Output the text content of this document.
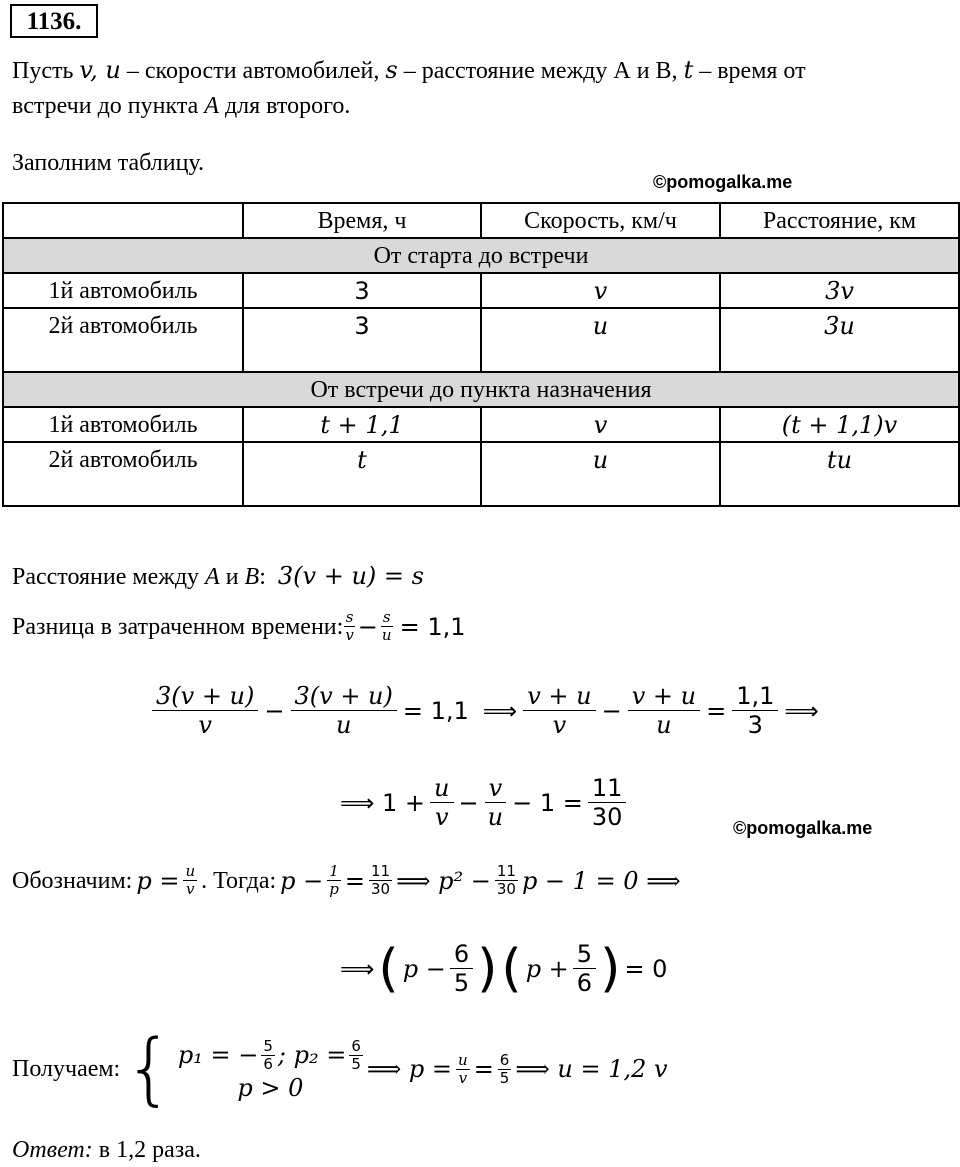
1136.
Пусть v, u – скорости автомобилей, s – расстояние между А и В, t – время от
встречи до пункта A для второго.
Заполним таблицу.
©pomogalka.me
	Время, ч	Скорость, км/ч	Расстояние, км
От старта до встречи			
1й автомобиль	3	v	3v
2й автомобиль	3	u	3u
От встречи до пункта назначения			
1й автомобиль	t + 1,1	v	(t + 1,1)v
2й автомобиль	t	u	tu
Расстояние между A и B: 3(v + u) = s
Разница в затраченном времени: $\frac{s}{v} - \frac{s}{u} = 1,1$
$\frac{3(v + u)}{v} - \frac{3(v + u)}{u} = 1,1$ ⟹ $\frac{v + u}{v} - \frac{v + u}{u} = \frac{1,1}{3}$ ⟹
⟹ $1 + \frac{u}{v} - \frac{v}{u} - 1 = \frac{11}{30}$	©pomogalka.me
Обозначим: $p = \frac{u}{v}$ . Тогда: $p - \frac{1}{p} = \frac{11}{30}$ ⟹ $p^2 - \frac{11}{30}$ p − 1 = 0 ⟹
⟹ ( $p - \frac{6}{5}$ ) ( $p + \frac{5}{6}$ ) = 0
Получаем: { p₁ = − $\frac{5}{6}$ ; $p_2 = \frac{6}{5}$
p > 0
⟹ $p = \frac{u}{v} = \frac{6}{5}$ ⟹ u = 1,2 v
Ответ: в 1,2 раза.
